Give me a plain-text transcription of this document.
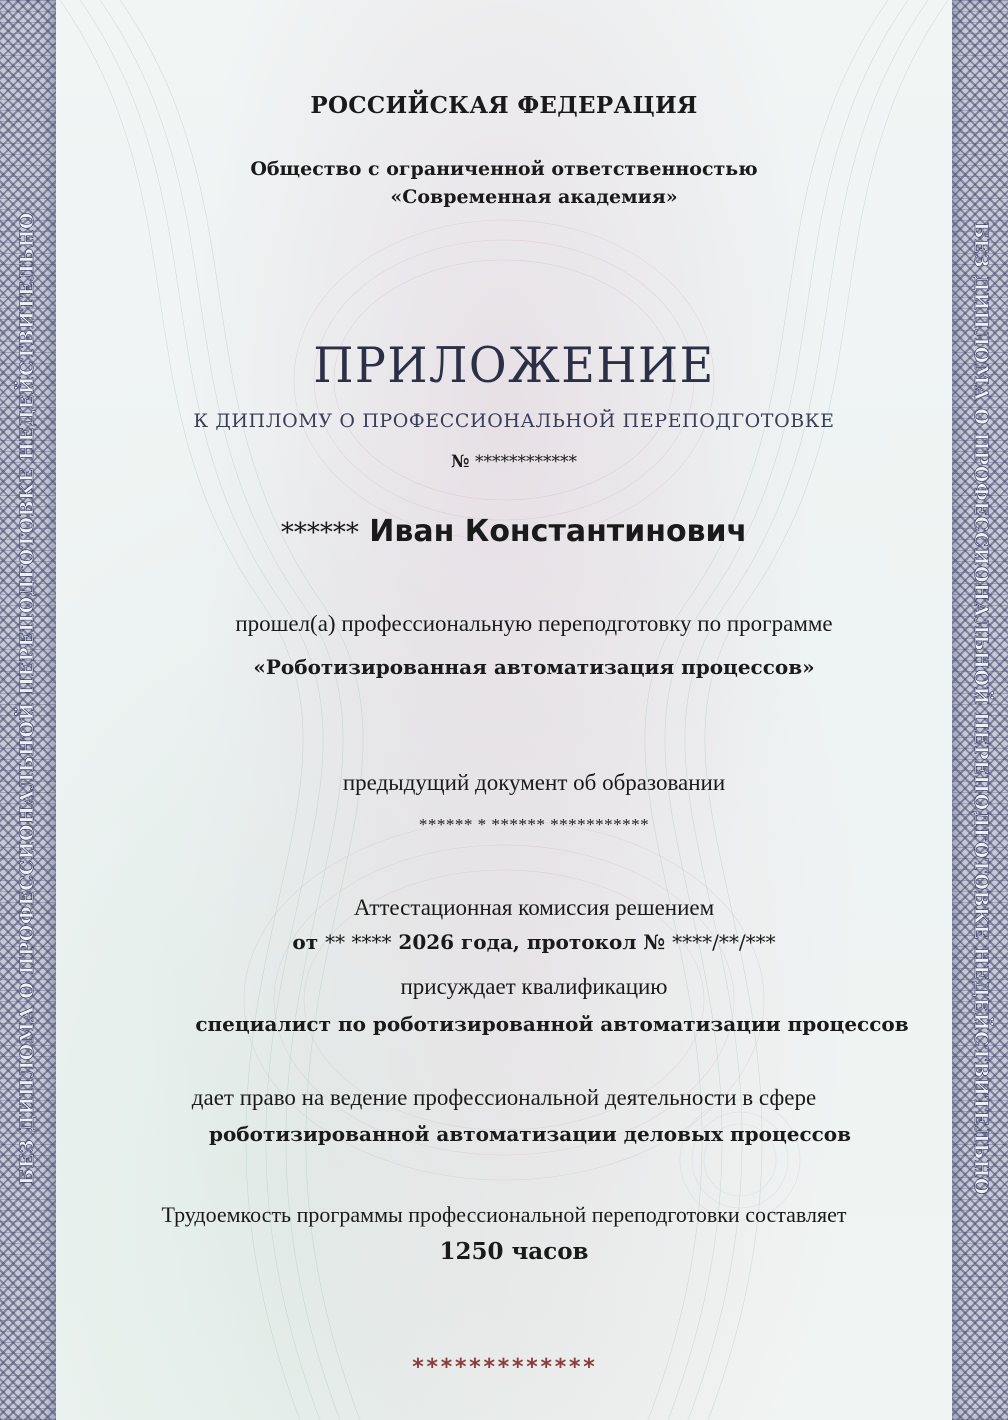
БЕЗ ДИПЛОМА О ПРОФЕССИОНАЛЬНОЙ ПЕРЕПОДГОТОВКЕ НЕДЕЙСТВИТЕЛЬНО	БЕЗ ДИПЛОМА О ПРОФЕССИОНАЛЬНОЙ ПЕРЕПОДГОТОВКЕ НЕДЕЙСТВИТЕЛЬНО
РОССИЙСКАЯ ФЕДЕРАЦИЯ
Общество с ограниченной ответственностью
«Современная академия»
ПРИЛОЖЕНИЕ
К ДИПЛОМУ О ПРОФЕССИОНАЛЬНОЙ ПЕРЕПОДГОТОВКЕ
№ ************
****** Иван Константинович
прошел(а) профессиональную переподготовку по программе
«Роботизированная автоматизация процессов»
предыдущий документ об образовании
****** * ****** ***********
Аттестационная комиссия решением
от ** **** 2026 года, протокол № ****/**/***
присуждает квалификацию
специалист по роботизированной автоматизации процессов
дает право на ведение профессиональной деятельности в сфере
роботизированной автоматизации деловых процессов
Трудоемкость программы профессиональной переподготовки составляет
1250 часов
*************
